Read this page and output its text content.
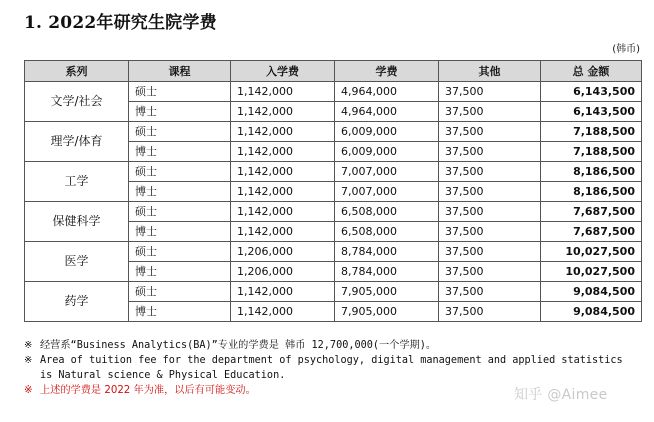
1. 2022年研究生院学费
(韩币)
系列	课程	入学费	学费	其他	总 金额
文学/社会	硕士	1,142,000	4,964,000	37,500	6,143,500
	博士	1,142,000	4,964,000	37,500	6,143,500
理学/体育	硕士	1,142,000	6,009,000	37,500	7,188,500
	博士	1,142,000	6,009,000	37,500	7,188,500
工学	硕士	1,142,000	7,007,000	37,500	8,186,500
	博士	1,142,000	7,007,000	37,500	8,186,500
保健科学	硕士	1,142,000	6,508,000	37,500	7,687,500
	博士	1,142,000	6,508,000	37,500	7,687,500
医学	硕士	1,206,000	8,784,000	37,500	10,027,500
	博士	1,206,000	8,784,000	37,500	10,027,500
药学	硕士	1,142,000	7,905,000	37,500	9,084,500
	博士	1,142,000	7,905,000	37,500	9,084,500
※ 经营系“Business Analytics(BA)”专业的学费是 韩币 12,700,000(一个学期)。
※ Area of tuition fee for the department of psychology, digital management and applied statistics is Natural science & Physical Education.
※ 上述的学费是 2022 年为准，以后有可能变动。	知乎 @Aimee
